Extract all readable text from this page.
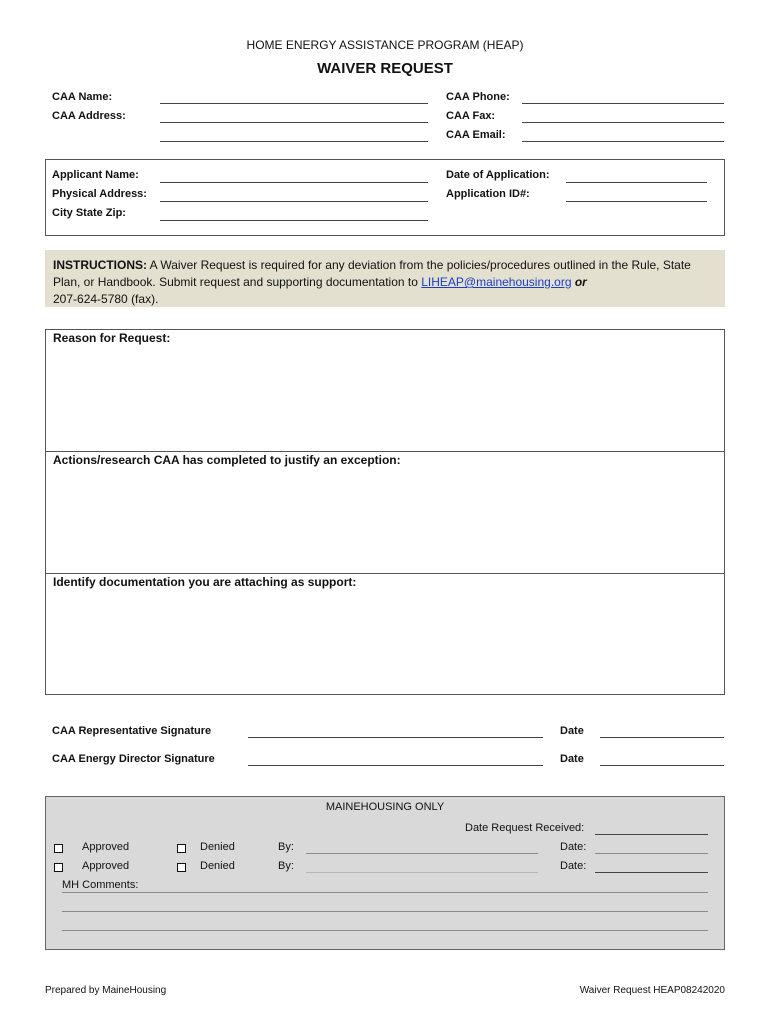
HOME ENERGY ASSISTANCE PROGRAM (HEAP)
WAIVER REQUEST
CAA Name:
CAA Address:
CAA Phone:
CAA Fax:
CAA Email:
Applicant Name:
Physical Address:
City State Zip:
Date of Application:
Application ID#:
INSTRUCTIONS: A Waiver Request is required for any deviation from the policies/procedures outlined in the Rule, State Plan, or Handbook. Submit request and supporting documentation to LIHEAP@mainehousing.org or
207-624-5780 (fax).
Reason for Request:
Actions/research CAA has completed to justify an exception:
Identify documentation you are attaching as support:
CAA Representative Signature	Date
CAA Energy Director Signature	Date
MAINEHOUSING ONLY
Date Request Received:
Approved	Denied	By:	Date:
Approved	Denied	By:	Date:
MH Comments:
Prepared by MaineHousing	Waiver Request HEAP08242020
